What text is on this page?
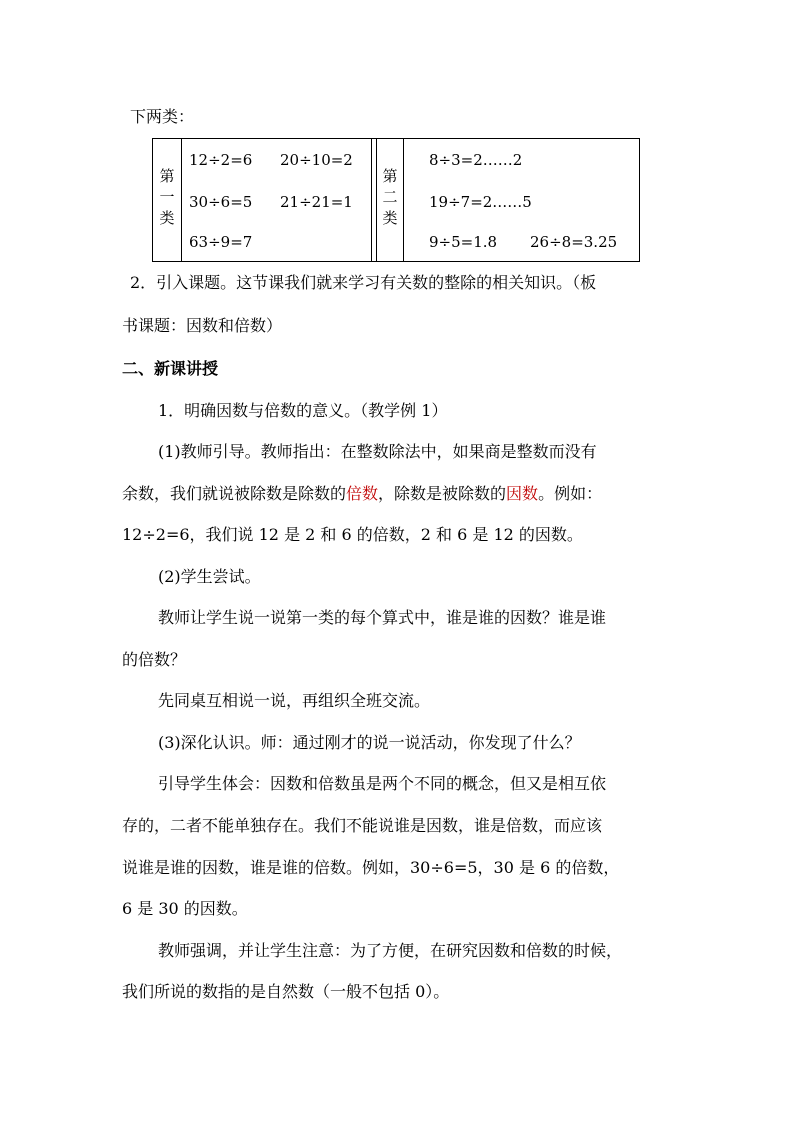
下两类：
第
一
类
12÷2=6 20÷10=2
30÷6=5 21÷21=1
63÷9=7
第
二
类
8÷3=2……2
19÷7=2……5
9÷5=1.8 26÷8=3.25
2．引入课题。这节课我们就来学习有关数的整除的相关知识。（板
书课题：因数和倍数）
二、新课讲授
1．明确因数与倍数的意义。（教学例 1）
(1)教师引导。教师指出：在整数除法中，如果商是整数而没有
余数，我们就说被除数是除数的倍数，除数是被除数的因数。例如：
12÷2=6，我们说 12 是 2 和 6 的倍数，2 和 6 是 12 的因数。
(2)学生尝试。
教师让学生说一说第一类的每个算式中，谁是谁的因数？谁是谁
的倍数？
先同桌互相说一说，再组织全班交流。
(3)深化认识。师：通过刚才的说一说活动，你发现了什么？
引导学生体会：因数和倍数虽是两个不同的概念，但又是相互依
存的，二者不能单独存在。我们不能说谁是因数，谁是倍数，而应该
说谁是谁的因数，谁是谁的倍数。例如，30÷6=5，30 是 6 的倍数，
6 是 30 的因数。
教师强调，并让学生注意：为了方便，在研究因数和倍数的时候，
我们所说的数指的是自然数（一般不包括 0）。
